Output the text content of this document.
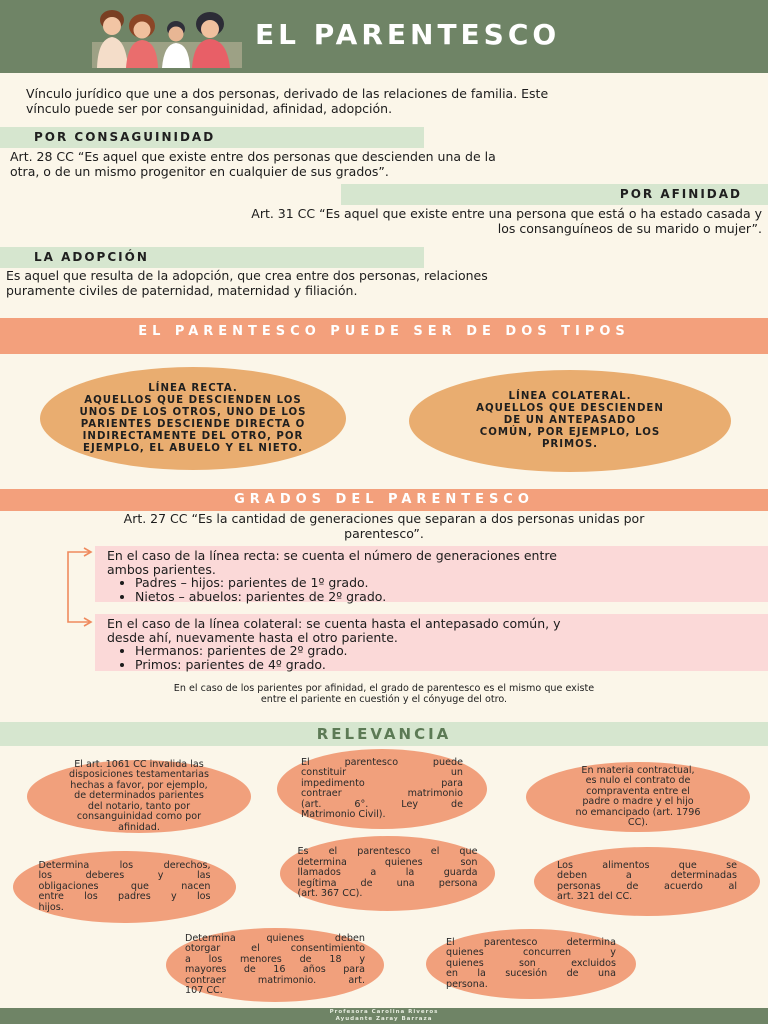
EL PARENTESCO
Vínculo jurídico que une a dos personas, derivado de las relaciones de familia. Este
vínculo puede ser por consanguinidad, afinidad, adopción.
POR CONSAGUINIDAD
Art. 28 CC “Es aquel que existe entre dos personas que descienden una de la
otra, o de un mismo progenitor en cualquier de sus grados”.
POR AFINIDAD
Art. 31 CC “Es aquel que existe entre una persona que está o ha estado casada y
los consanguíneos de su marido o mujer”.
LA ADOPCIÓN
Es aquel que resulta de la adopción, que crea entre dos personas, relaciones
puramente civiles de paternidad, maternidad y filiación.
EL PARENTESCO PUEDE SER DE DOS TIPOS
LÍNEA RECTA.
AQUELLOS QUE DESCIENDEN LOS
UNOS DE LOS OTROS, UNO DE LOS
PARIENTES DESCIENDE DIRECTA O
INDIRECTAMENTE DEL OTRO, POR
EJEMPLO, EL ABUELO Y EL NIETO.
LÍNEA COLATERAL.
AQUELLOS QUE DESCIENDEN
DE UN ANTEPASADO
COMÚN, POR EJEMPLO, LOS
PRIMOS.
GRADOS DEL PARENTESCO
Art. 27 CC “Es la cantidad de generaciones que separan a dos personas unidas por
parentesco”.
En el caso de la línea recta: se cuenta el número de generaciones entre
ambos parientes.
• Padres – hijos: parientes de 1º grado.
• Nietos – abuelos: parientes de 2º grado.
En el caso de la línea colateral: se cuenta hasta el antepasado común, y
desde ahí, nuevamente hasta el otro pariente.
• Hermanos: parientes de 2º grado.
• Primos: parientes de 4º grado.
En el caso de los parientes por afinidad, el grado de parentesco es el mismo que existe
entre el pariente en cuestión y el cónyuge del otro.
RELEVANCIA
El art. 1061 CC invalida las
disposiciones testamentarias
hechas a favor, por ejemplo,
de determinados parientes
del notario, tanto por
consanguinidad como por
afinidad.
El parentesco puede
constituir un
impedimento para
contraer matrimonio
(art. 6°. Ley de
Matrimonio Civil).
En materia contractual,
es nulo el contrato de
compraventa entre el
padre o madre y el hijo
no emancipado (art. 1796
CC).
Determina los derechos,
los deberes y las
obligaciones que nacen
entre los padres y los
hijos.
Es el parentesco el que
determina quienes son
llamados a la guarda
legítima de una persona
(art. 367 CC).
Los alimentos que se
deben a determinadas
personas de acuerdo al
art. 321 del CC.
Determina quienes deben
otorgar el consentimiento
a los menores de 18 y
mayores de 16 años para
contraer matrimonio. art.
107 CC.
El parentesco determina
quienes concurren y
quienes son excluidos
en la sucesión de una
persona.
Profesora Carolina Riveros
Ayudante Zaray Barraza
